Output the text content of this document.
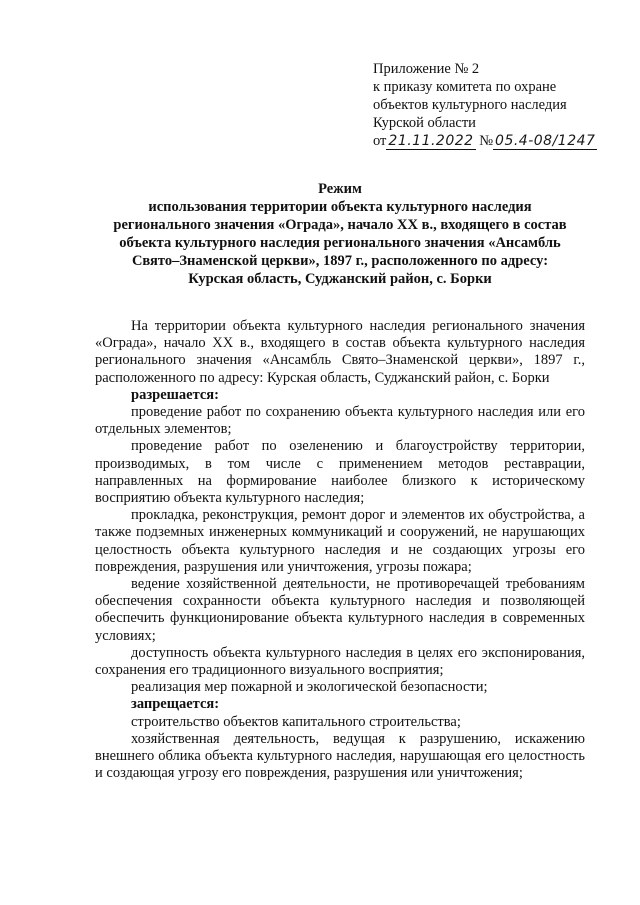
Приложение № 2
к приказу комитета по охране
объектов культурного наследия
Курской области
от 21.11.2022 № 05.4-08/1247
Режим
использования территории объекта культурного наследия
регионального значения «Ограда», начало XX в., входящего в состав
объекта культурного наследия регионального значения «Ансамбль
Свято–Знаменской церкви», 1897 г., расположенного по адресу:
Курская область, Суджанский район, с. Борки

На территории объекта культурного наследия регионального значения «Ограда», начало XX в., входящего в состав объекта культурного наследия регионального значения «Ансамбль Свято–Знаменской церкви», 1897 г., расположенного по адресу: Курская область, Суджанский район, с. Борки

разрешается:

проведение работ по сохранению объекта культурного наследия или его отдельных элементов;

проведение работ по озеленению и благоустройству территории, производимых, в том числе с применением методов реставрации, направленных на формирование наиболее близкого к историческому восприятию объекта культурного наследия;

прокладка, реконструкция, ремонт дорог и элементов их обустройства, а также подземных инженерных коммуникаций и сооружений, не нарушающих целостность объекта культурного наследия и не создающих угрозы его повреждения, разрушения или уничтожения, угрозы пожара;

ведение хозяйственной деятельности, не противоречащей требованиям обеспечения сохранности объекта культурного наследия и позволяющей обеспечить функционирование объекта культурного наследия в современных условиях;

доступность объекта культурного наследия в целях его экспонирования, сохранения его традиционного визуального восприятия;

реализация мер пожарной и экологической безопасности;

запрещается:

строительство объектов капитального строительства;

хозяйственная деятельность, ведущая к разрушению, искажению внешнего облика объекта культурного наследия, нарушающая его целостность и создающая угрозу его повреждения, разрушения или уничтожения;
